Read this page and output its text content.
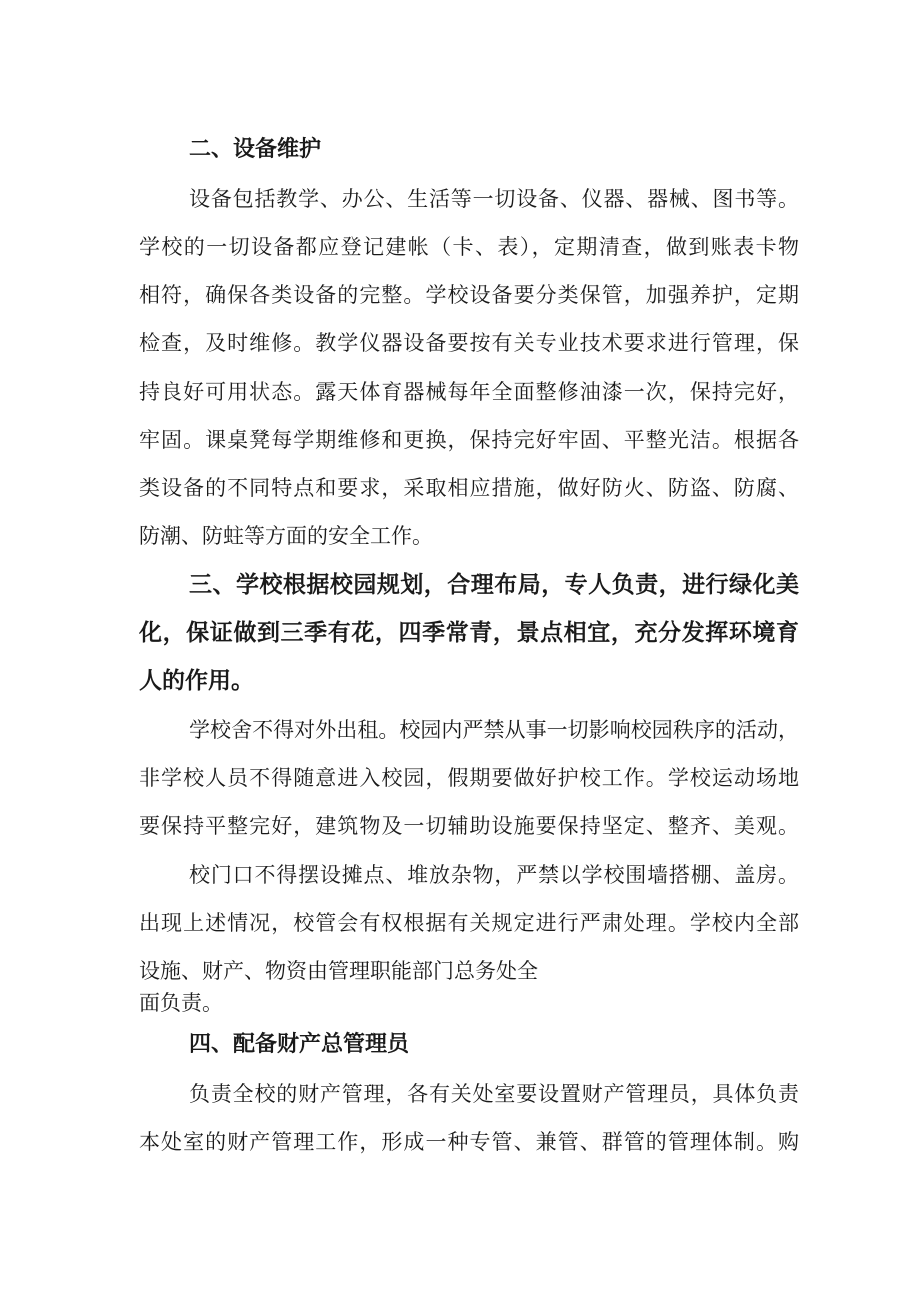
二、设备维护
设备包括教学、办公、生活等一切设备、仪器、器械、图书等。
学校的一切设备都应登记建帐（卡、表），定期清查，做到账表卡物
相符，确保各类设备的完整。学校设备要分类保管，加强养护，定期
检查，及时维修。教学仪器设备要按有关专业技术要求进行管理，保
持良好可用状态。露天体育器械每年全面整修油漆一次，保持完好，
牢固。课桌凳每学期维修和更换，保持完好牢固、平整光洁。根据各
类设备的不同特点和要求，采取相应措施，做好防火、防盗、防腐、
防潮、防蛀等方面的安全工作。
三、学校根据校园规划，合理布局，专人负责，进行绿化美
化，保证做到三季有花，四季常青，景点相宜，充分发挥环境育
人的作用。
学校舍不得对外出租。校园内严禁从事一切影响校园秩序的活动，
非学校人员不得随意进入校园，假期要做好护校工作。学校运动场地
要保持平整完好，建筑物及一切辅助设施要保持坚定、整齐、美观。
校门口不得摆设摊点、堆放杂物，严禁以学校围墙搭棚、盖房。
出现上述情况，校管会有权根据有关规定进行严肃处理。学校内全部
设施、财产、物资由管理职能部门总务处全
面负责。
四、配备财产总管理员
负责全校的财产管理，各有关处室要设置财产管理员，具体负责
本处室的财产管理工作，形成一种专管、兼管、群管的管理体制。购
